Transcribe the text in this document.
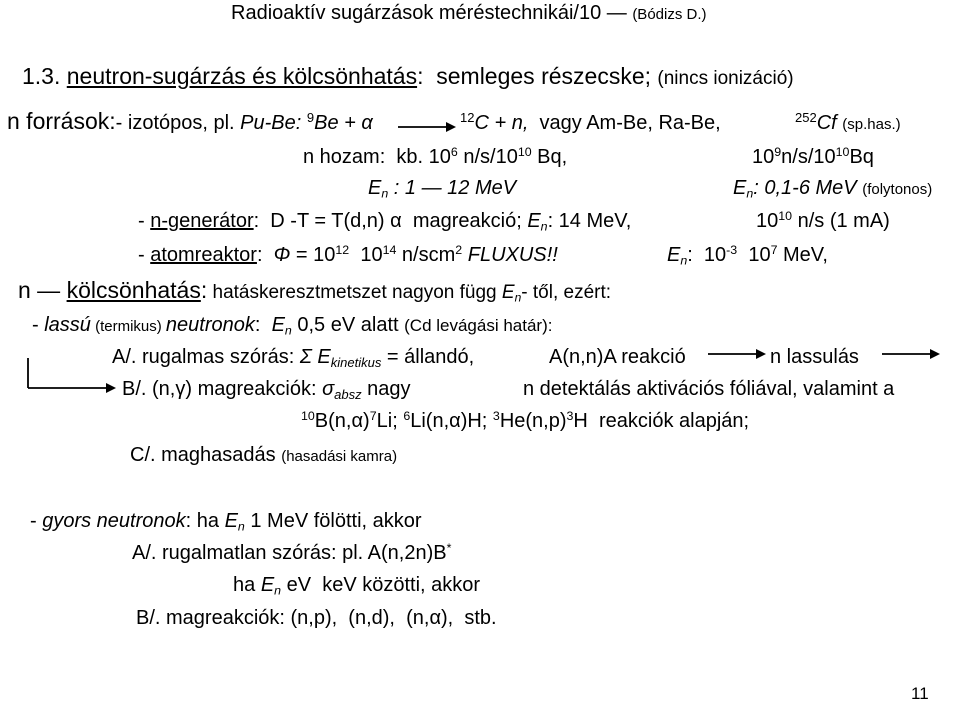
Radioaktív sugárzások méréstechnikái/10 — (Bódizs D.)
1.3. neutron-sugárzás és kölcsönhatás:  semleges részecske; (nincs ionizáció)
n források:- izotópos, pl. Pu-Be: $^9$Be + α →
$^{12}$C + n,  vagy Am-Be, Ra-Be,	$^{252}$Cf (sp.has.)
n hozam:  kb. $10^6$ $n/s/10^{10}$ Bq,	$10^9n/s/10^{10}Bq$
$E_n$ : 1 — 12 MeV	$E_n$: 0,1-6 MeV (folytonos)
- n-generátor:  D -T = T(d,n) α  magreakció; $E_n$: 14 MeV,	$10^{10}$ n/s (1 mA)
- atomreaktor:  $\Phi = 10^{12}$  $10^{14}$ n/scm$^2$ FLUXUS!!	$E_n$:  $10^{-3}$  $10^7$ MeV,
n — kölcsönhatás: hatáskeresztmetszet nagyon függ $E_n-$ től, ezért:
- lassú (termikus) neutronok:  $E_n$ 0,5 eV alatt (Cd levágási határ):
A/. rugalmas szórás: Σ $E_{kinetikus}$ = állandó,	A(n,n)A reakció	n lassulás
B/. (n,γ) magreakciók: $\sigma_{absz}$ nagy	n detektálás aktivációs fóliával, valamint a
$^{10}B(n,\alpha)^7Li$; $^6$Li(n,α)H; $^3He(n,p)^3H$  reakciók alapján;
C/. maghasadás (hasadási kamra)
- gyors neutronok: ha $E_n$ 1 MeV fölötti, akkor
A/. rugalmatlan szórás: pl. A(n,2n)B*
ha $E_n$ eV  keV közötti, akkor
B/. magreakciók: (n,p),  (n,d),  (n,α),  stb.
11
